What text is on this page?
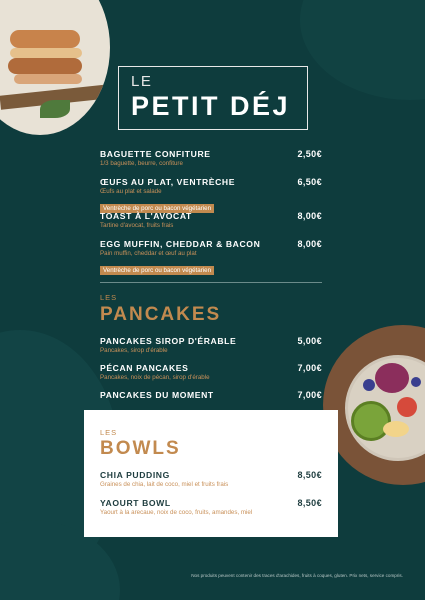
LE
PETIT DÉJ
BAGUETTE CONFITURE
1/3 baguette, beurre, confiture
2,50€
ŒUFS AU PLAT, VENTRÈCHE
Œufs au plat et salade
Ventrèche de porc ou bacon végétarien
6,50€
TOAST À L'AVOCAT
Tartine d'avocat, fruits frais
8,00€
EGG MUFFIN, CHEDDAR & BACON
Pain muffin, cheddar et œuf au plat
Ventrèche de porc ou bacon végétarien
8,00€
LES
PANCAKES
PANCAKES SIROP D'ÉRABLE
Pancakes, sirop d'érable
5,00€
PÉCAN PANCAKES
Pancakes, noix de pécan, sirop d'érable
7,00€
PANCAKES DU MOMENT	7,00€
LES
BOWLS
CHIA PUDDING
Graines de chia, lait de coco, miel et fruits frais
8,50€
YAOURT BOWL
Yaourt à la arecaue, noix de coco, fruits, amandes, miel
8,50€
Nos produits peuvent contenir des traces d'arachides, fruits à coques, gluten. Prix nets, service compris.
